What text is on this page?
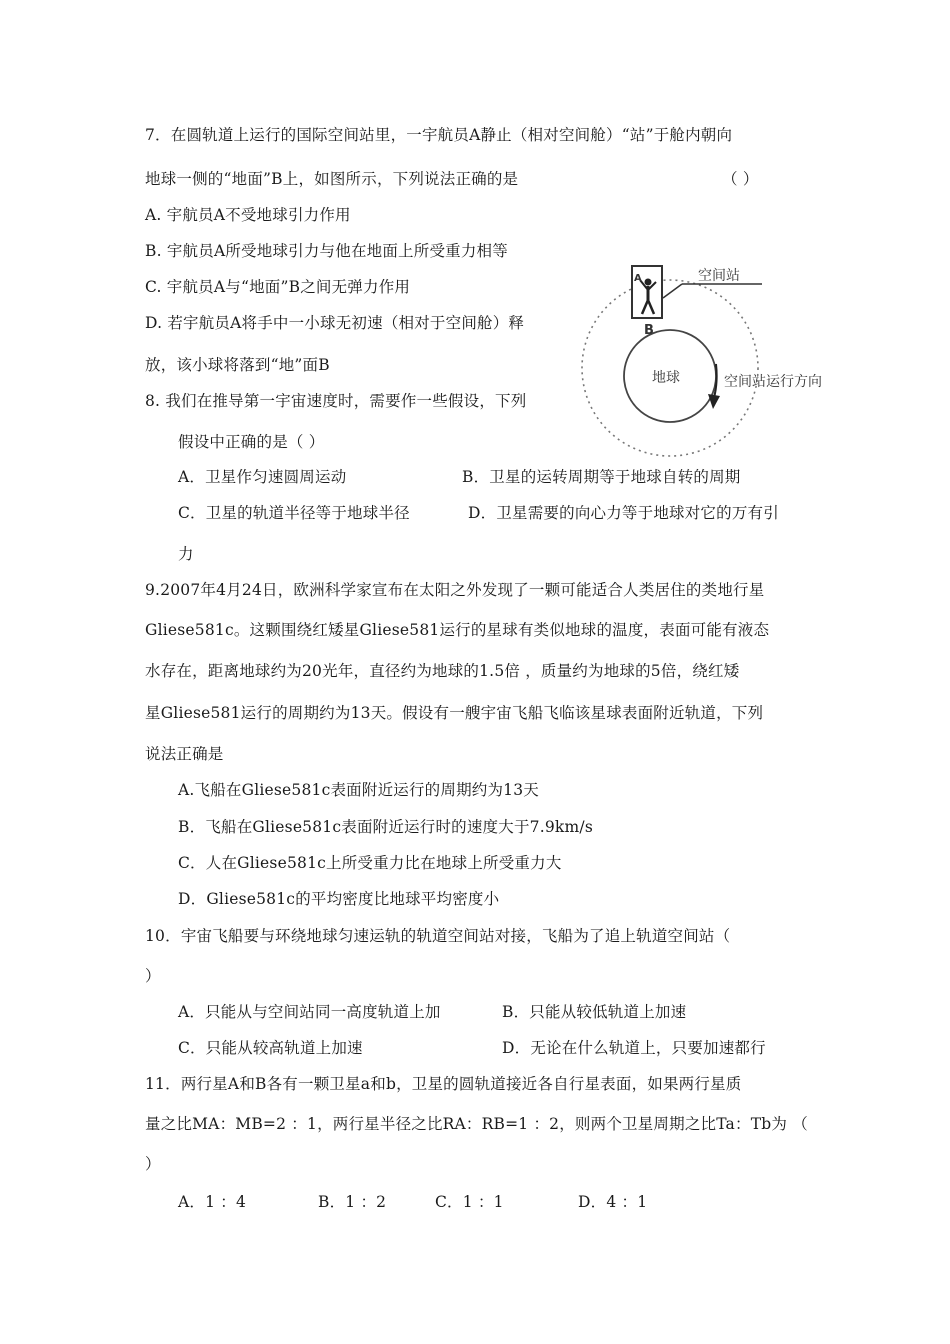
7．在圆轨道上运行的国际空间站里，一宇航员A静止（相对空间舱）“站”于舱内朝向
地球一侧的“地面”B上，如图所示，下列说法正确的是	（ ）
A. 宇航员A不受地球引力作用
B. 宇航员A所受地球引力与他在地面上所受重力相等
C. 宇航员A与“地面”B之间无弹力作用
D. 若宇航员A将手中一小球无初速（相对于空间舱）释
放，该小球将落到“地”面B
地球
A	空间站
B
空间站运行方向
8. 我们在推导第一宇宙速度时，需要作一些假设，下列
假设中正确的是（ ）
A．卫星作匀速圆周运动	B．卫星的运转周期等于地球自转的周期
C．卫星的轨道半径等于地球半径	D．卫星需要的向心力等于地球对它的万有引
力
9.2007年4月24日，欧洲科学家宣布在太阳之外发现了一颗可能适合人类居住的类地行星
Gliese581c。这颗围绕红矮星Gliese581运行的星球有类似地球的温度，表面可能有液态
水存在，距离地球约为20光年，直径约为地球的1.5倍 ，质量约为地球的5倍，绕红矮
星Gliese581运行的周期约为13天。假设有一艘宇宙飞船飞临该星球表面附近轨道，下列
说法正确是
A.飞船在Gliese581c表面附近运行的周期约为13天
B．飞船在Gliese581c表面附近运行时的速度大于7.9km/s
C．人在Gliese581c上所受重力比在地球上所受重力大
D．Gliese581c的平均密度比地球平均密度小
10．宇宙飞船要与环绕地球匀速运轨的轨道空间站对接，飞船为了追上轨道空间站（
）
A．只能从与空间站同一高度轨道上加	B．只能从较低轨道上加速
C．只能从较高轨道上加速	D．无论在什么轨道上，只要加速都行
11．两行星A和B各有一颗卫星a和b，卫星的圆轨道接近各自行星表面，如果两行星质
量之比MA：MB=2 ：1，两行星半径之比RA：RB=1 ：2，则两个卫星周期之比Ta：Tb为 （
）
A．1 ：4	B．1 ：2	C．1 ：1	D．4 ：1
